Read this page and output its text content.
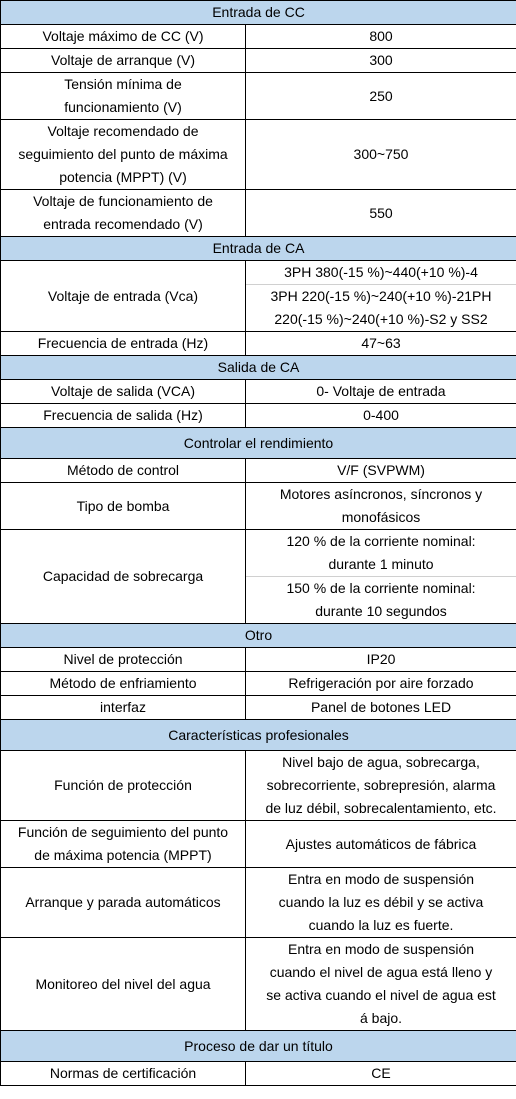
Entrada de CC	
Voltaje máximo de CC (V)	800
Voltaje de arranque (V)	300

Tensión mínima de
funcionamiento (V)	250

Voltaje recomendado de
seguimiento del punto de máxima
potencia (MPPT) (V)	300~750

Voltaje de funcionamiento de
entrada recomendado (V)	550
Entrada de CA	
Voltaje de entrada (Vca)	3PH 380(-15 %)~440(+10 %)-4

	3PH 220(-15 %)~240(+10 %)-21PH
220(-15 %)~240(+10 %)-S2 y SS2

Frecuencia de entrada (Hz)	47~63
Salida de CA	
Voltaje de salida (VCA)	0- Voltaje de entrada
Frecuencia de salida (Hz)	0-400
Controlar el rendimiento	
Método de control	V/F (SVPWM)
Tipo de bomba	Motores asíncronos, síncronos y
monofásicos

Capacidad de sobrecarga	120 % de la corriente nominal:
durante 1 minuto

	150 % de la corriente nominal:
durante 10 segundos

Otro	
Nivel de protección	IP20
Método de enfriamiento	Refrigeración por aire forzado
interfaz	Panel de botones LED
Características profesionales	
Función de protección	Nivel bajo de agua, sobrecarga,
sobrecorriente, sobrepresión, alarma
de luz débil, sobrecalentamiento, etc.

Función de seguimiento del punto
de máxima potencia (MPPT)	Ajustes automáticos de fábrica
Arranque y parada automáticos	Entra en modo de suspensión
cuando la luz es débil y se activa
cuando la luz es fuerte.

Monitoreo del nivel del agua	Entra en modo de suspensión
cuando el nivel de agua está lleno y
se activa cuando el nivel de agua est
á bajo.

Proceso de dar un título	
Normas de certificación	CE
